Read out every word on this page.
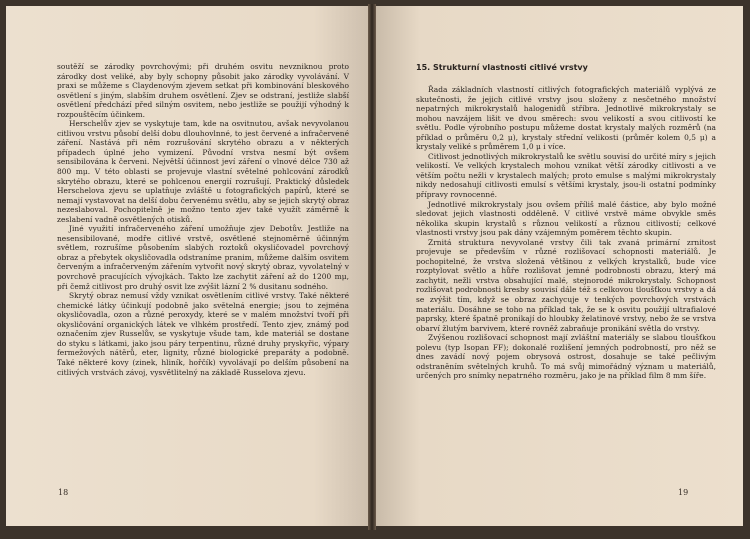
soutěží se zárodky povrchovými; při druhém osvitu nevzniknou proto zárodky dost veliké, aby byly schopny působit jako zárodky vyvolávání. V praxi se můžeme s Claydenovým zjevem setkat při kombinování bleskového osvětlení s jiným, slabším druhem osvětlení. Zjev se odstraní, jestliže slabší osvětlení předchází před silným osvitem, nebo jestliže se použijí výhodný k rozpouštěcím účinkem.

Herschelův zjev se vyskytuje tam, kde na osvitnutou, avšak nevyvolanou citlivou vrstvu působí delší dobu dlouhovlnné, to jest červené a infračervené záření. Nastává při něm rozrušování skrytého obrazu a v některých případech úplné jeho vymizení. Původní vrstva nesmí být ovšem sensibilována k červeni. Největší účinnost jeví záření o vlnové délce 730 až 800 mμ. V této oblasti se projevuje vlastní světelné pohlcování zárodků skrytého obrazu, které se pohlcenou energií rozrušují. Praktický důsledek Herschelova zjevu se uplatňuje zvláště u fotografických papírů, které se nemají vystavovat na delší dobu červenému světlu, aby se jejich skrytý obraz nezeslaboval. Pochopitelně je možno tento zjev také využít záměrně k zeslabení vadně osvětlených otisků.

Jiné využití infračerveného záření umožňuje zjev Debotův. Jestliže na nesensibilované, modře citlivé vrstvě, osvětlené stejnoměrně účinným světlem, rozrušíme působením slabých roztoků okysličovadel povrchový obraz a přebytek okysličovadla odstraníme pranim, můžeme dalším osvitem červeným a infračerveným zářením vytvořit nový skrytý obraz, vyvolatelný v povrchově pracujících vývojkách. Takto lze zachytit záření až do 1200 mμ, při čemž citlivost pro druhý osvit lze zvýšit lázní 2 % dusitanu sodného.

Skrytý obraz nemusí vždy vznikat osvětlením citlivé vrstvy. Také některé chemické látky účinkují podobně jako světelná energie; jsou to zejména okysličovadla, ozon a různé peroxydy, které se v malém množství tvoří při okysličování organických látek ve vlhkém prostředí. Tento zjev, známý pod označením zjev Russelův, se vyskytuje všude tam, kde materiál se dostane do styku s látkami, jako jsou páry terpentinu, různé druhy pryskyřic, výpary fermežových nátěrů, eter, lignity, různé biologické preparáty a podobně. Také některé kovy (zinek, hliník, hořčík) vyvolávají po delším působení na citlivých vrstvách závoj, vysvětlitelný na základě Russelova zjevu.

18
15. Strukturní vlastnosti citlivé vrstvy

Řada základních vlastností citlivých fotografických materiálů vyplývá ze skutečnosti, že jejich citlivé vrstvy jsou složeny z nesčetného množství nepatrných mikrokrystalů halogenidů stříbra. Jednotlivé mikrokrystaly se mohou navzájem lišit ve dvou směrech: svou velikostí a svou citlivostí ke světlu. Podle výrobního postupu můžeme dostat krystaly malých rozměrů (na příklad o průměru 0,2 μ), krystaly střední velikosti (průměr kolem 0,5 μ) a krystaly veliké s průměrem 1,0 μ i více.

Citlivost jednotlivých mikrokrystalů ke světlu souvisí do určité míry s jejich velikostí. Ve velkých krystalech mohou vznikat větší zárodky citlivosti a ve větším počtu nežli v krystalech malých; proto emulse s malými mikrokrystaly nikdy nedosahují citlivosti emulsí s většími krystaly, jsou-li ostatní podmínky přípravy rovnocenné.

Jednotlivé mikrokrystaly jsou ovšem příliš malé částice, aby bylo možné sledovat jejich vlastnosti odděleně. V citlivé vrstvě máme obvykle směs několika skupin krystalů s různou velikostí a různou citlivostí; celkové vlastnosti vrstvy jsou pak dány vzájemným poměrem těchto skupin.

Zrnitá struktura nevyvolané vrstvy čili tak zvaná primární zrnitost projevuje se především v různé rozlišovací schopnosti materiálů. Je pochopitelné, že vrstva složená většinou z velkých krystalků, bude více rozptylovat světlo a hůře rozlišovat jemné podrobnosti obrazu, který má zachytit, nežli vrstva obsahující malé, stejnorodé mikrokrystaly. Schopnost rozlišovat podrobnosti kresby souvisí dále též s celkovou tloušťkou vrstvy a dá se zvýšit tím, když se obraz zachycuje v tenkých povrchových vrstvách materiálu. Dosáhne se toho na příklad tak, že se k osvitu použijí ultrafialové paprsky, které špatně pronikají do hloubky želatinové vrstvy, nebo že se vrstva obarví žlutým barvivem, které rovněž zabraňuje pronikání světla do vrstvy.

Zvýšenou rozlišovací schopnost mají zvláštní materiály se slabou tloušťkou polevu (typ Isopan FF); dokonalé rozlišení jemných podrobností, pro něž se dnes zavádí nový pojem obrysová ostrost, dosahuje se také pečlivým odstraněním světelných kruhů. To má svůj mimořádný význam u materiálů, určených pro snímky nepatrného rozměru, jako je na příklad film 8 mm šíře.

19
